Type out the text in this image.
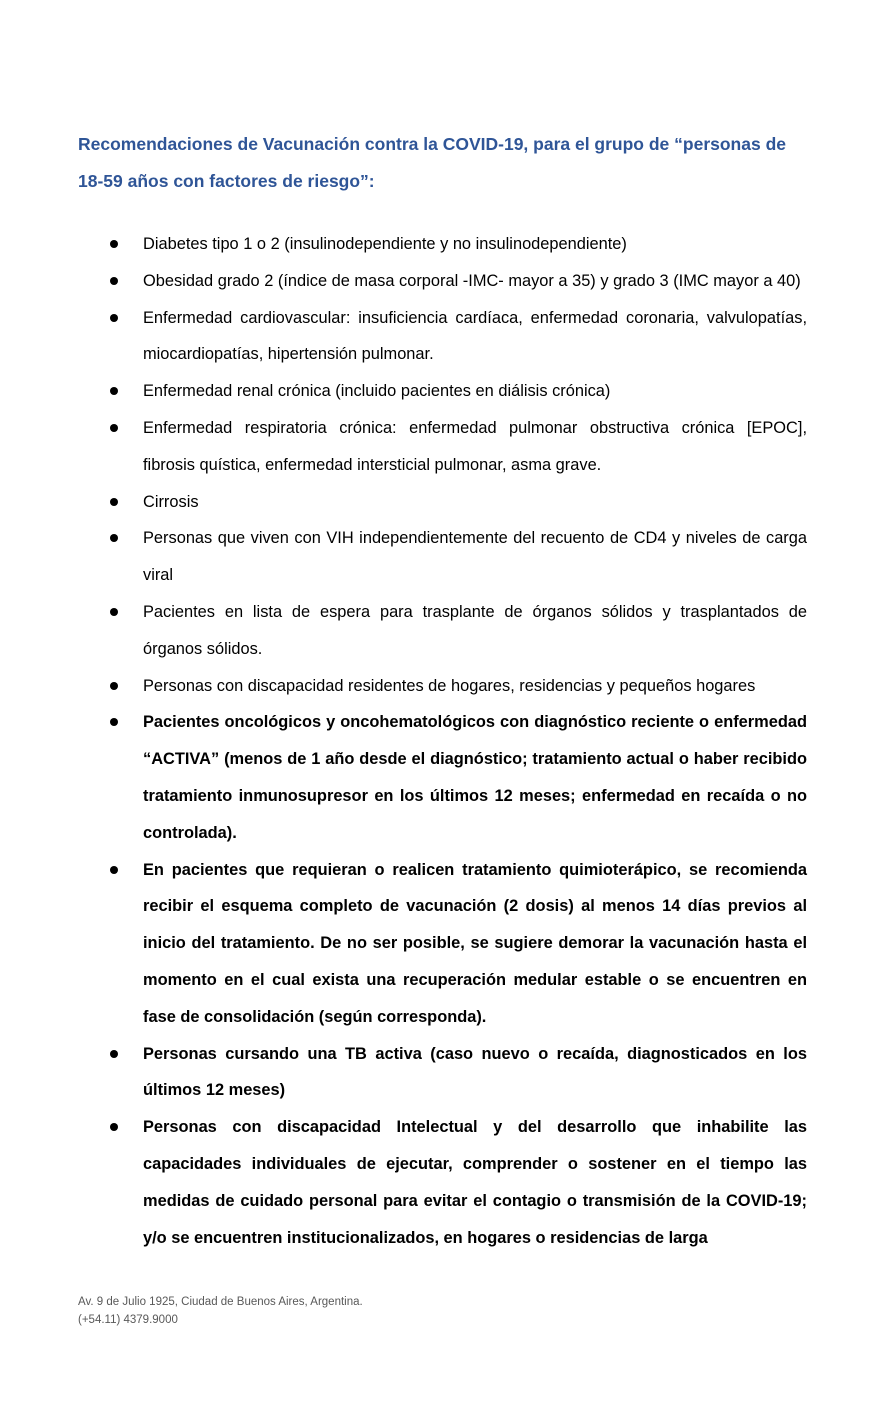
Recomendaciones de Vacunación contra la COVID-19, para el grupo de “personas de 18-59 años con factores de riesgo”:
Diabetes tipo 1 o 2 (insulinodependiente y no insulinodependiente)
Obesidad grado 2 (índice de masa corporal -IMC- mayor a 35) y grado 3 (IMC mayor a 40)
Enfermedad cardiovascular: insuficiencia cardíaca, enfermedad coronaria, valvulopatías, miocardiopatías, hipertensión pulmonar.
Enfermedad renal crónica (incluido pacientes en diálisis crónica)
Enfermedad respiratoria crónica: enfermedad pulmonar obstructiva crónica [EPOC], fibrosis quística, enfermedad intersticial pulmonar, asma grave.
Cirrosis
Personas que viven con VIH independientemente del recuento de CD4 y niveles de carga viral
Pacientes en lista de espera para trasplante de órganos sólidos y trasplantados de órganos sólidos.
Personas con discapacidad residentes de hogares, residencias y pequeños hogares
Pacientes oncológicos y oncohematológicos con diagnóstico reciente o enfermedad “ACTIVA” (menos de 1 año desde el diagnóstico; tratamiento actual o haber recibido tratamiento inmunosupresor en los últimos 12 meses; enfermedad en recaída o no controlada).
En pacientes que requieran o realicen tratamiento quimioterápico, se recomienda recibir el esquema completo de vacunación (2 dosis) al menos 14 días previos al inicio del tratamiento. De no ser posible, se sugiere demorar la vacunación hasta el momento en el cual exista una recuperación medular estable o se encuentren en fase de consolidación (según corresponda).
Personas cursando una TB activa (caso nuevo o recaída, diagnosticados en los últimos 12 meses)
Personas con discapacidad Intelectual y del desarrollo que inhabilite las capacidades individuales de ejecutar, comprender o sostener en el tiempo las medidas de cuidado personal para evitar el contagio o transmisión de la COVID-19; y/o se encuentren institucionalizados, en hogares o residencias de larga
Av. 9 de Julio 1925, Ciudad de Buenos Aires, Argentina.
(+54.11) 4379.9000
